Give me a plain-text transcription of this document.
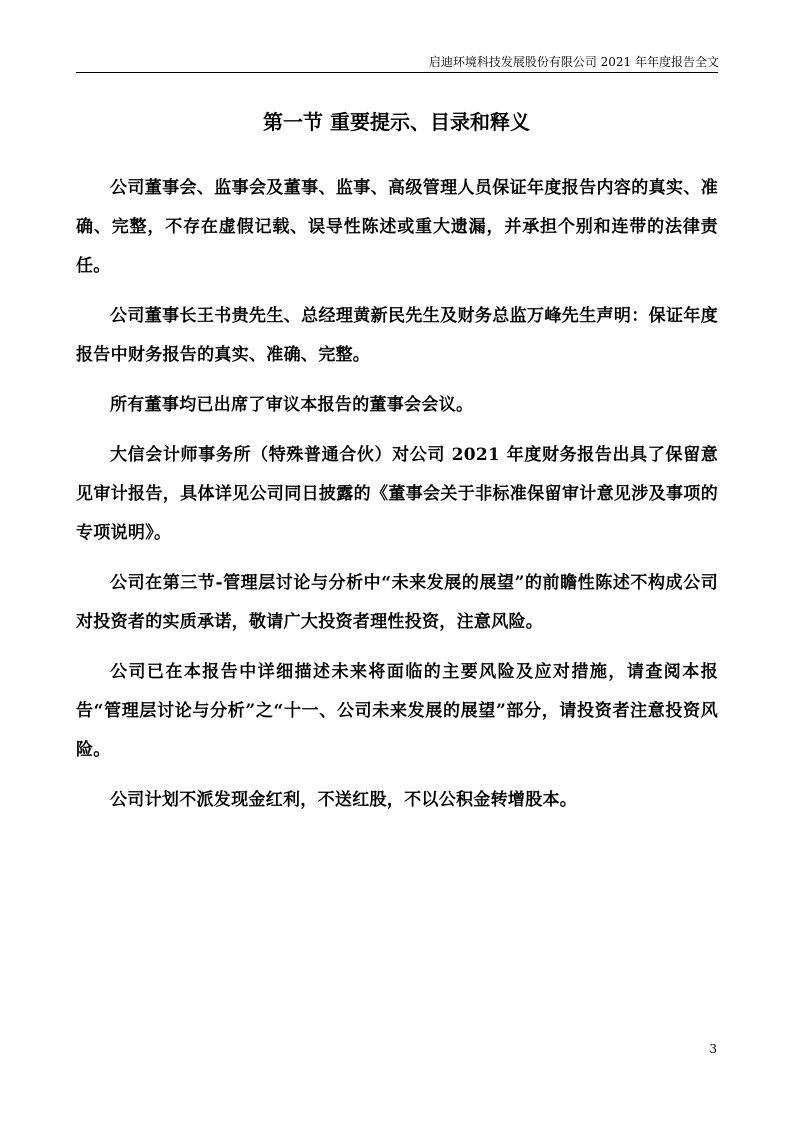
启迪环境科技发展股份有限公司 2021 年年度报告全文
第一节 重要提示、目录和释义

公司董事会、监事会及董事、监事、高级管理人员保证年度报告内容的真实、准确、完整，不存在虚假记载、误导性陈述或重大遗漏，并承担个别和连带的法律责任。

公司董事长王书贵先生、总经理黄新民先生及财务总监万峰先生声明：保证年度报告中财务报告的真实、准确、完整。

所有董事均已出席了审议本报告的董事会会议。

大信会计师事务所（特殊普通合伙）对公司 2021 年度财务报告出具了保留意见审计报告，具体详见公司同日披露的《董事会关于非标准保留审计意见涉及事项的专项说明》。

公司在第三节-管理层讨论与分析中“未来发展的展望”的前瞻性陈述不构成公司对投资者的实质承诺，敬请广大投资者理性投资，注意风险。

公司已在本报告中详细描述未来将面临的主要风险及应对措施，请查阅本报告“管理层讨论与分析”之“十一、公司未来发展的展望”部分，请投资者注意投资风险。

公司计划不派发现金红利，不送红股，不以公积金转增股本。

3
